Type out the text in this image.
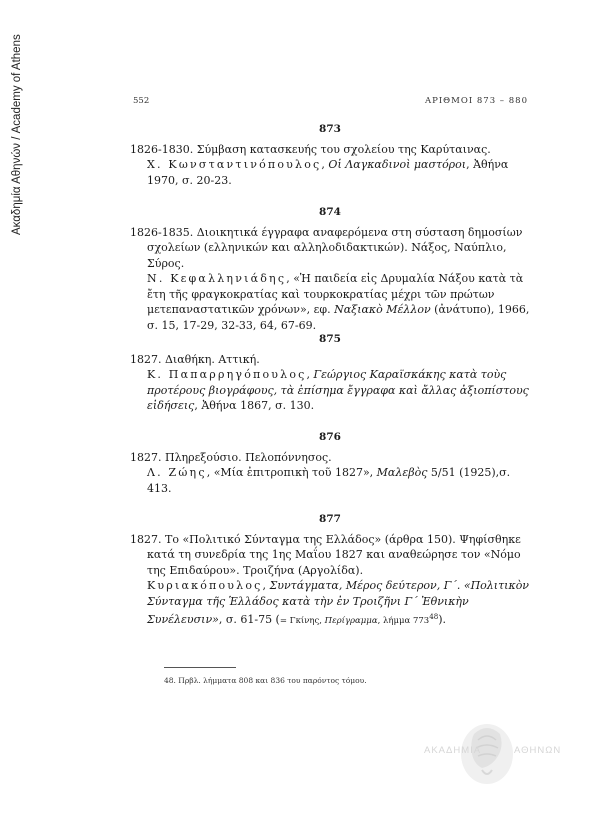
Ακαδημία Αθηνών / Academy of Athens	552	ΑΡΙΘΜΟΙ 873 – 880
873

1826-1830. Σύμβαση κατασκευής του σχολείου της Καρύταινας.

Χ. Κωνσταντινόπουλος, Οἱ Λαγκαδινοὶ μαστόροι, Ἀθήνα 1970, σ. 20-23.

874

1826-1835. Διοικητικά έγγραφα αναφερόμενα στη σύσταση δημοσίων σχολείων (ελληνικών και αλληλοδιδακτικών). Νάξος, Ναύπλιο, Σύρος.

Ν. Κεφαλληνιάδης, «Ἡ παιδεία εἰς Δρυμαλία Νάξου κατὰ τὰ ἔτη τῆς φραγκοκρατίας καὶ τουρκοκρατίας μέχρι τῶν πρώτων μετεπαναστατικῶν χρόνων», εφ. Ναξιακὸ Μέλλον (ἀνάτυπο), 1966, σ. 15, 17-29, 32-33, 64, 67-69.

875

1827. Διαθήκη. Αττική.

Κ. Παπαρρηγόπουλος, Γεώργιος Καραϊσκάκης κατὰ τοὺς προτέρους βιογράφους, τὰ ἐπίσημα ἔγγραφα καὶ ἄλλας ἀξιοπίστους εἰδήσεις, Ἀθήνα 1867, σ. 130.

876

1827. Πληρεξούσιο. Πελοπόννησος.

Λ. Ζώης, «Μία ἐπιτροπικὴ τοῦ 1827», Μαλεβὸς 5/51 (1925),σ. 413.

877

1827. Το «Πολιτικό Σύνταγμα της Ελλάδος» (άρθρα 150). Ψηφίσθηκε κατά τη συνεδρία της 1ης Μαΐου 1827 και αναθεώρησε τον «Νόμο της Επιδαύρου». Τροιζήνα (Αργολίδα).

Κυριακόπουλος, Συντάγματα, Μέρος δεύτερον, Γ΄. «Πολιτικὸν Σύνταγμα τῆς Ἑλλάδος κατὰ τὴν ἐν Τροιζῆνι Γ΄ Ἐθνικὴν Συνέλευσιν», σ. 61-75 (= Γκίνης, Περίγραμμα, λήμμα $773^{48}$).

48. Πρβλ. λήμματα 808 και 836 του παρόντος τόμου.
ΑΚΑΔΗΜΙΑ	ΑΘΗΝΩΝ
